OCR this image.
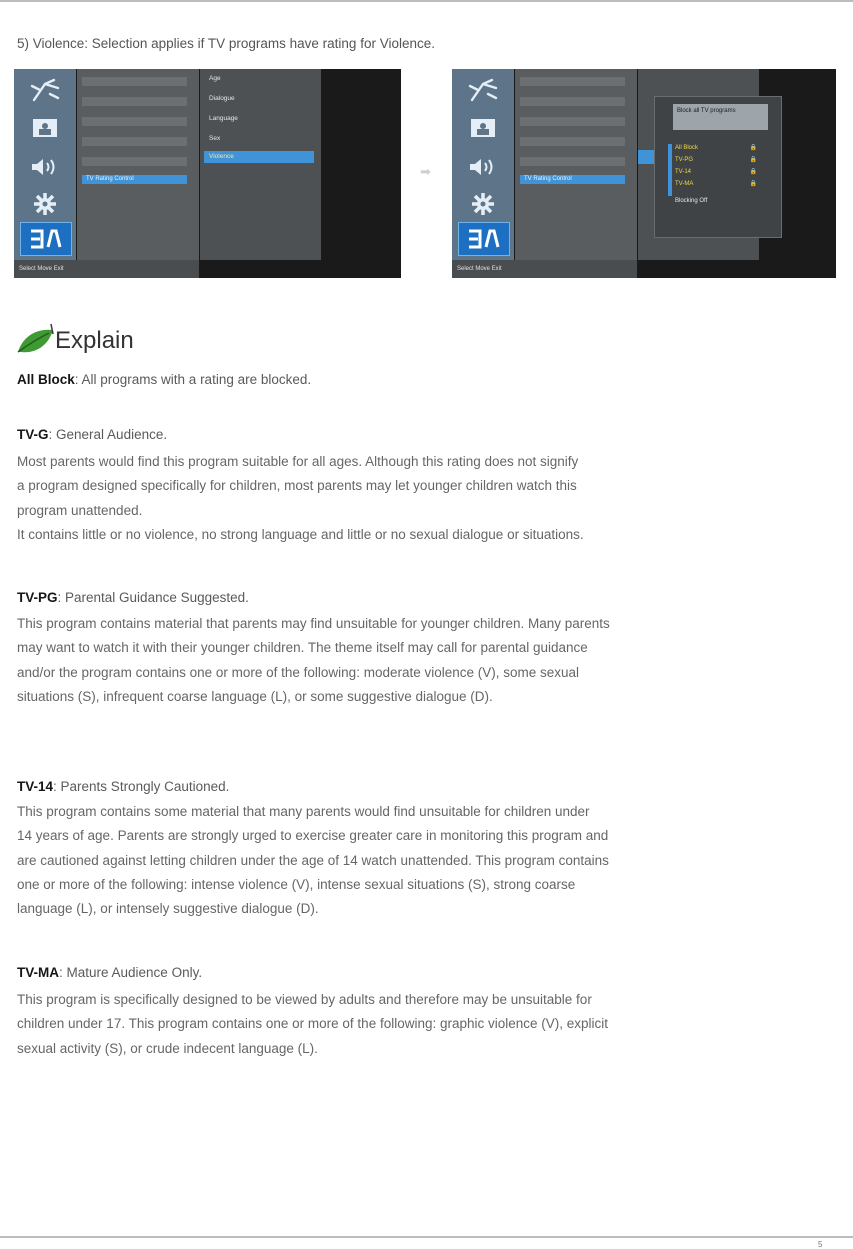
5) Violence: Selection applies if TV programs have rating for Violence.
TV Rating Control
Age
Dialogue
Language
Sex
Violence
Select Move Exit
➡	TV Rating Control
Block all TV programs
All Block	🔒
TV-PG	🔒
TV-14	🔒
TV-MA	🔒
Blocking Off
Select Move Exit
Explain
All Block: All programs with a rating are blocked.
TV-G: General Audience.
Most parents would find this program suitable for all ages. Although this rating does not signify
a program designed specifically for children, most parents may let younger children watch this
program unattended.
It contains little or no violence, no strong language and little or no sexual dialogue or situations.
TV-PG: Parental Guidance Suggested.
This program contains material that parents may find unsuitable for younger children. Many parents
may want to watch it with their younger children. The theme itself may call for parental guidance
and/or the program contains one or more of the following: moderate violence (V), some sexual
situations (S), infrequent coarse language (L), or some suggestive dialogue (D).
TV-14: Parents Strongly Cautioned.
This program contains some material that many parents would find unsuitable for children under
14 years of age. Parents are strongly urged to exercise greater care in monitoring this program and
are cautioned against letting children under the age of 14 watch unattended. This program contains
one or more of the following: intense violence (V), intense sexual situations (S), strong coarse
language (L), or intensely suggestive dialogue (D).
TV-MA: Mature Audience Only.
This program is specifically designed to be viewed by adults and therefore may be unsuitable for
children under 17. This program contains one or more of the following: graphic violence (V), explicit
sexual activity (S), or crude indecent language (L).
5
